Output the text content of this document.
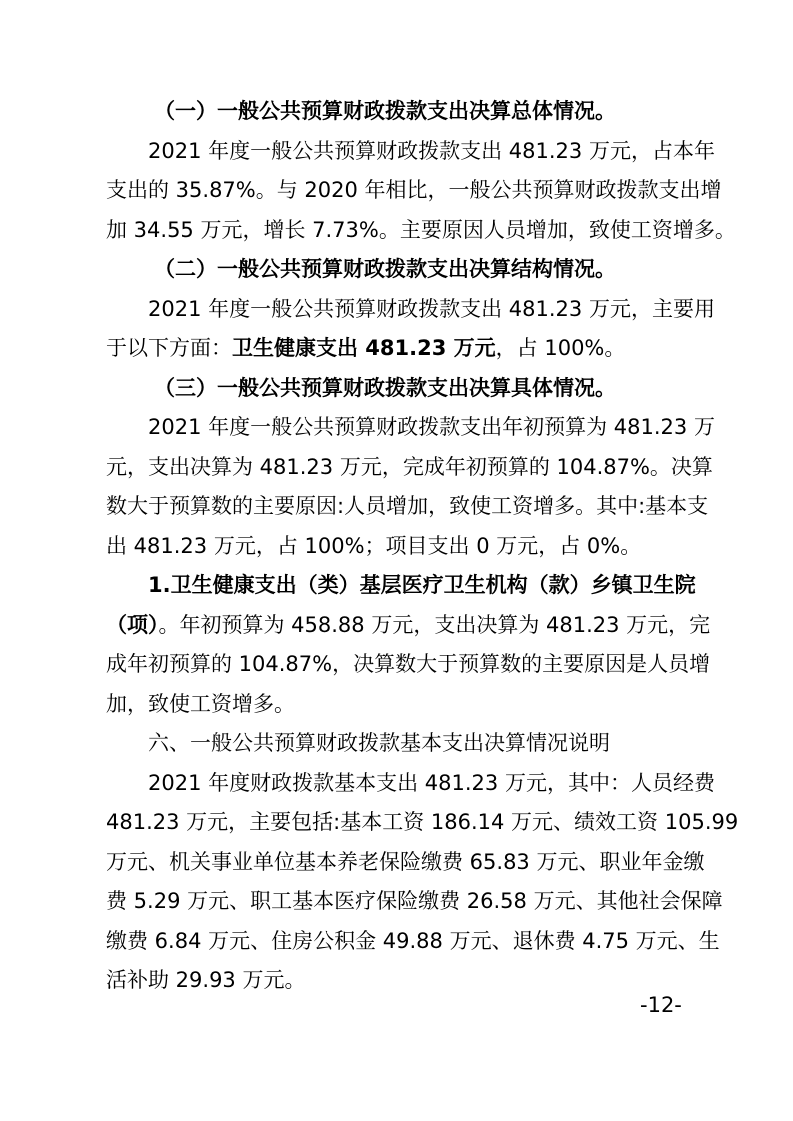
（一）一般公共预算财政拨款支出决算总体情况。
2021 年度一般公共预算财政拨款支出 481.23 万元，占本年
支出的 35.87%。与 2020 年相比，一般公共预算财政拨款支出增
加 34.55 万元，增长 7.73%。主要原因人员增加，致使工资增多。
（二）一般公共预算财政拨款支出决算结构情况。
2021 年度一般公共预算财政拨款支出 481.23 万元，主要用
于以下方面：卫生健康支出 481.23 万元，占 100%。
（三）一般公共预算财政拨款支出决算具体情况。
2021 年度一般公共预算财政拨款支出年初预算为 481.23 万
元，支出决算为 481.23 万元，完成年初预算的 104.87%。决算
数大于预算数的主要原因:人员增加，致使工资增多。其中:基本支
出 481.23 万元，占 100%；项目支出 0 万元，占 0%。
1.卫生健康支出（类）基层医疗卫生机构（款）乡镇卫生院
（项）。年初预算为 458.88 万元，支出决算为 481.23 万元，完
成年初预算的 104.87%，决算数大于预算数的主要原因是人员增
加，致使工资增多。
六、一般公共预算财政拨款基本支出决算情况说明
2021 年度财政拨款基本支出 481.23 万元，其中：人员经费
481.23 万元，主要包括:基本工资 186.14 万元、绩效工资 105.99
万元、机关事业单位基本养老保险缴费 65.83 万元、职业年金缴
费 5.29 万元、职工基本医疗保险缴费 26.58 万元、其他社会保障
缴费 6.84 万元、住房公积金 49.88 万元、退休费 4.75 万元、生
活补助 29.93 万元。
-12-
